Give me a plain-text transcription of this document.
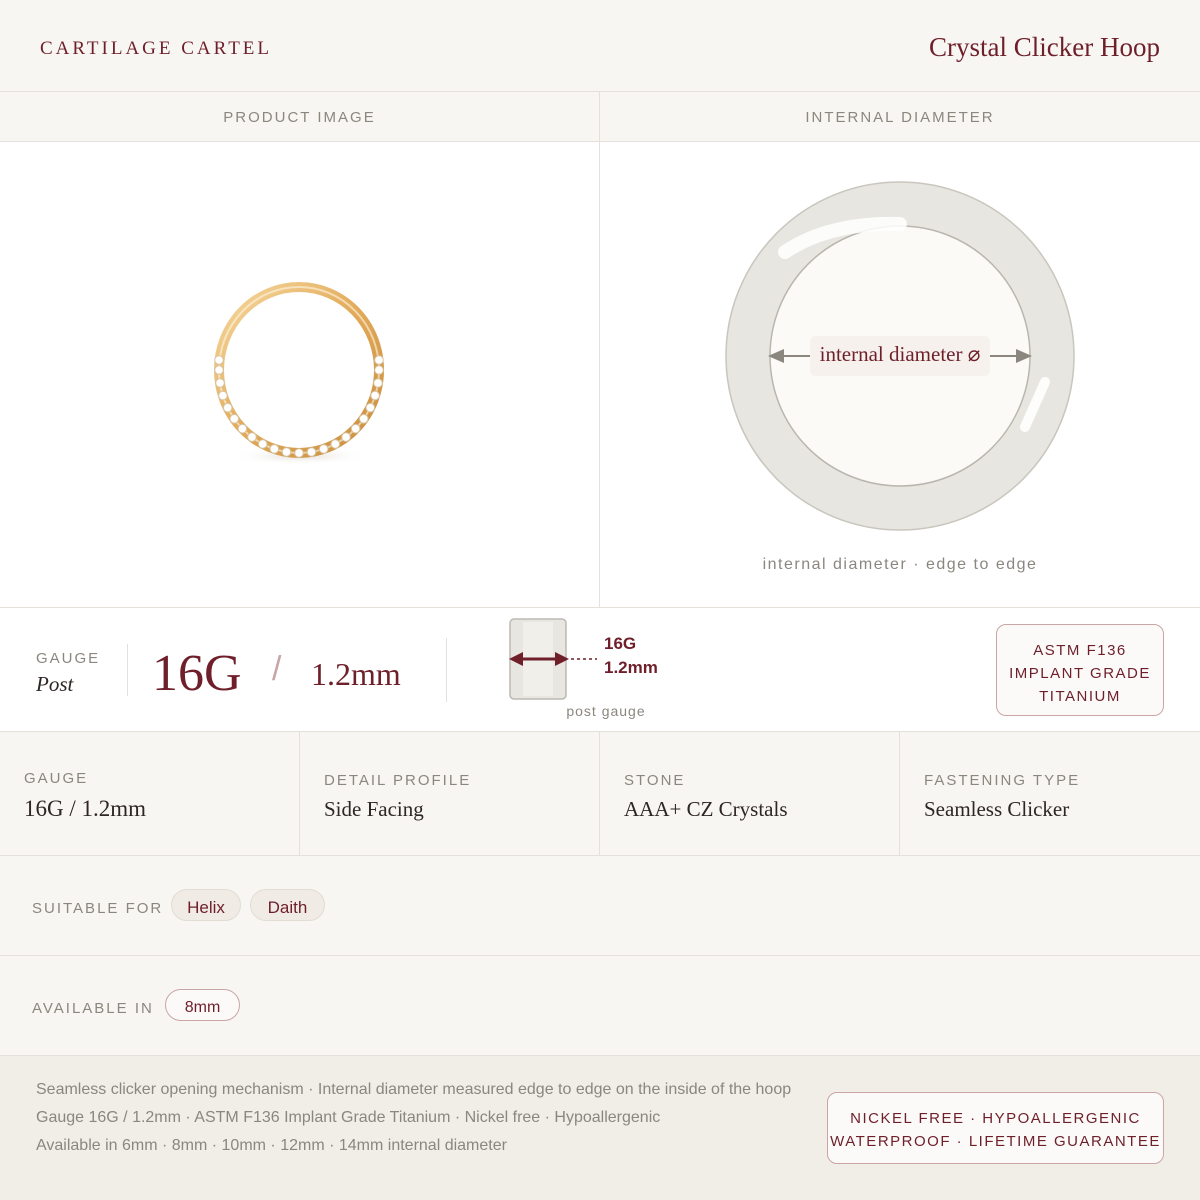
CARTILAGE CARTEL	Crystal Clicker Hoop
PRODUCT IMAGE	INTERNAL DIAMETER
internal diameter ⌀
internal diameter · edge to edge
GAUGE
Post 16G / 1.2mm
16G
1.2mm
post gauge
ASTM F136
IMPLANT GRADE
TITANIUM
GAUGE
16G / 1.2mm
DETAIL PROFILE
Side Facing
STONE
AAA+ CZ Crystals
FASTENING TYPE
Seamless Clicker
SUITABLE FOR	Helix	Daith
AVAILABLE IN	8mm
Seamless clicker opening mechanism · Internal diameter measured edge to edge on the inside of the hoop
Gauge 16G / 1.2mm · ASTM F136 Implant Grade Titanium · Nickel free · Hypoallergenic
Available in 6mm · 8mm · 10mm · 12mm · 14mm internal diameter
NICKEL FREE · HYPOALLERGENIC
WATERPROOF · LIFETIME GUARANTEE
